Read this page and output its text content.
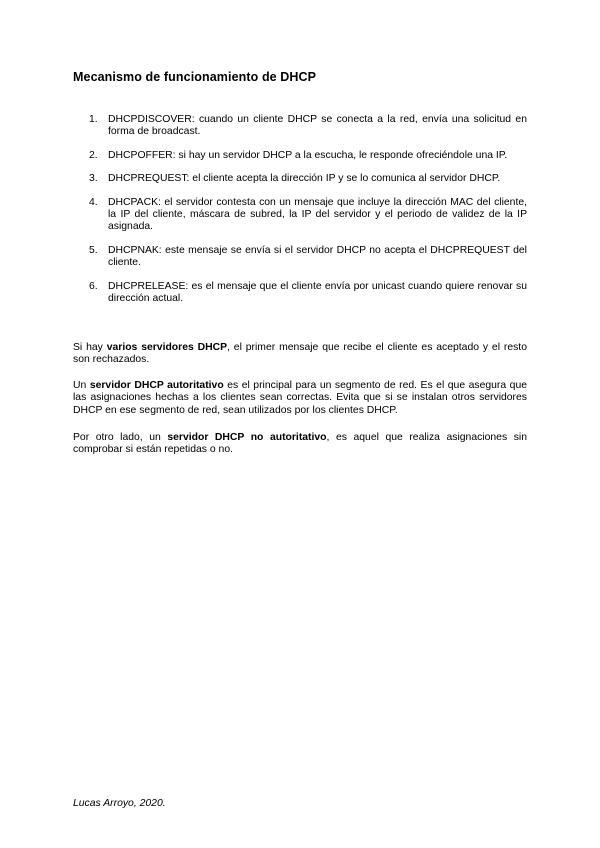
Mecanismo de funcionamiento de DHCP
1. DHCPDISCOVER: cuando un cliente DHCP se conecta a la red, envía una solicitud en forma de broadcast.
2. DHCPOFFER: si hay un servidor DHCP a la escucha, le responde ofreciéndole una IP.
3. DHCPREQUEST: el cliente acepta la dirección IP y se lo comunica al servidor DHCP.
4. DHCPACK: el servidor contesta con un mensaje que incluye la dirección MAC del cliente, la IP del cliente, máscara de subred, la IP del servidor y el periodo de validez de la IP asignada.
5. DHCPNAK: este mensaje se envía si el servidor DHCP no acepta el DHCPREQUEST del cliente.
6. DHCPRELEASE: es el mensaje que el cliente envía por unicast cuando quiere renovar su dirección actual.

Si hay varios servidores DHCP, el primer mensaje que recibe el cliente es aceptado y el resto son rechazados.

Un servidor DHCP autoritativo es el principal para un segmento de red. Es el que asegura que las asignaciones hechas a los clientes sean correctas. Evita que si se instalan otros servidores DHCP en ese segmento de red, sean utilizados por los clientes DHCP.

Por otro lado, un servidor DHCP no autoritativo, es aquel que realiza asignaciones sin comprobar si están repetidas o no.

Lucas Arroyo, 2020.
